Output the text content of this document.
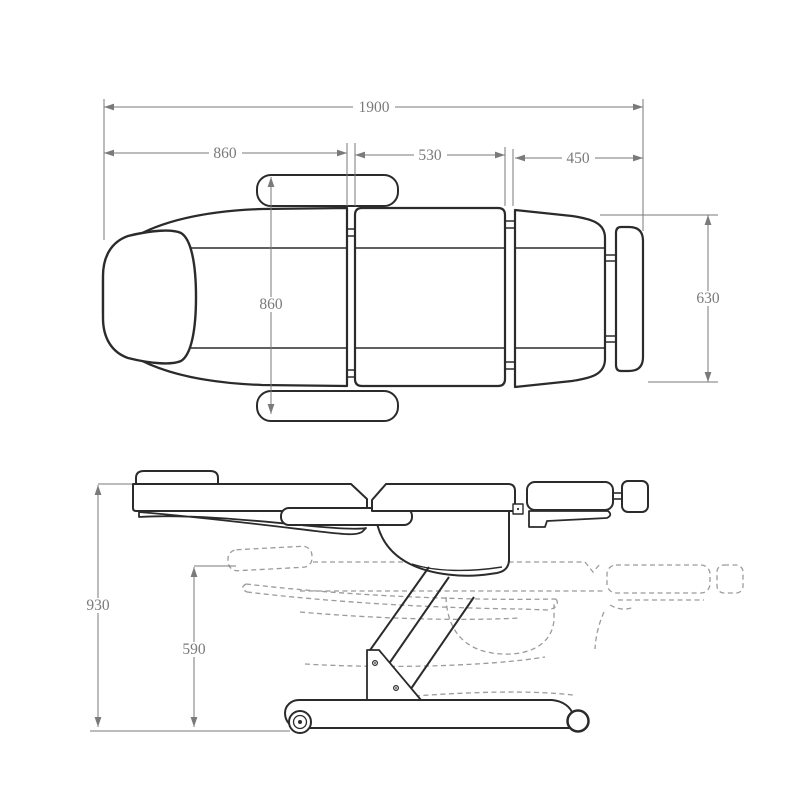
1900
860	530	450
860	630
930
590
